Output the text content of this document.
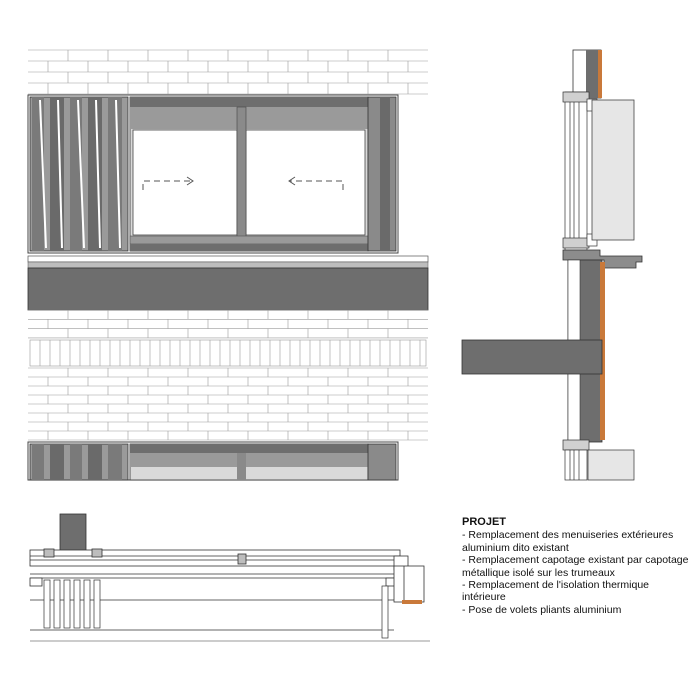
PROJET
- Remplacement des menuiseries extérieures aluminium dito existant
- Remplacement capotage existant par capotage métallique isolé sur les trumeaux
- Remplacement de l'isolation thermique intérieure
- Pose de volets pliants aluminium
